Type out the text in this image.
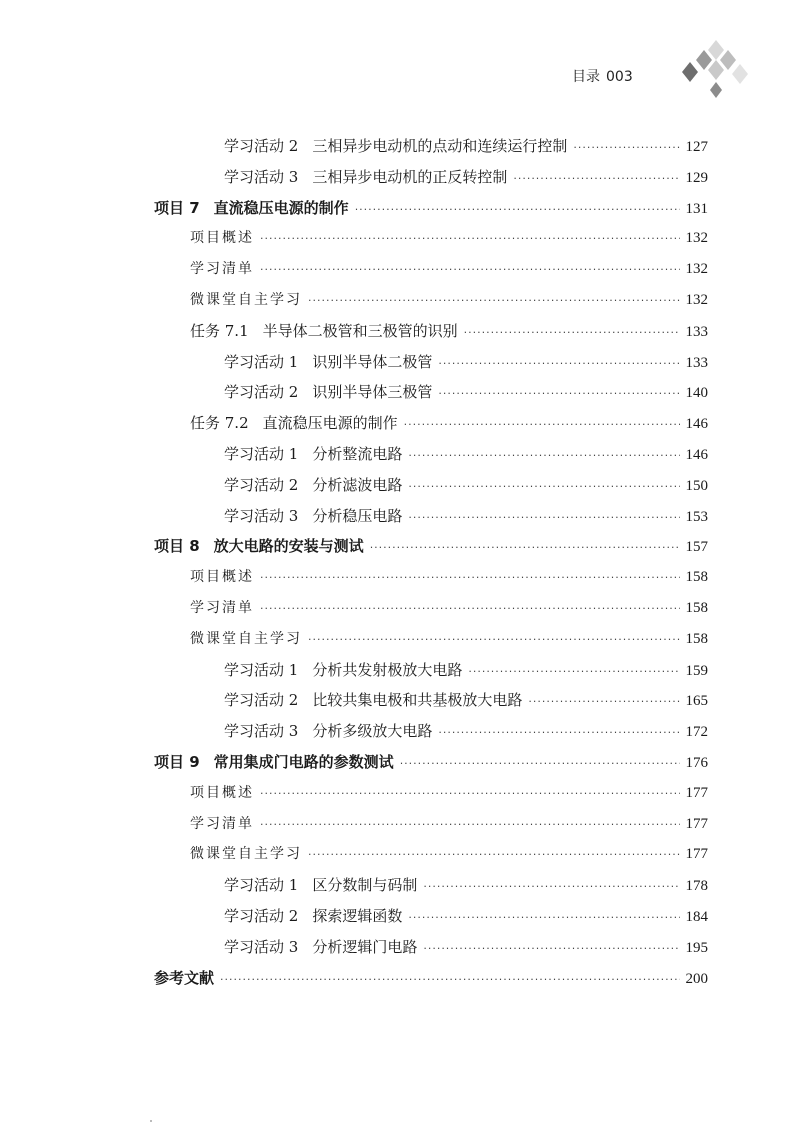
目录 003
学习活动 2 三相异步电动机的点动和连续运行控制 ·····	127
学习活动 3 三相异步电动机的正反转控制 ·····	129
项目 7 直流稳压电源的制作 ·····	131
项目概述 ·····	132
学习清单 ·····	132
微课堂自主学习 ·····	132
任务 7.1 半导体二极管和三极管的识别 ·····	133
学习活动 1 识别半导体二极管 ·····	133
学习活动 2 识别半导体三极管 ·····	140
任务 7.2 直流稳压电源的制作 ·····	146
学习活动 1 分析整流电路 ·····	146
学习活动 2 分析滤波电路 ·····	150
学习活动 3 分析稳压电路 ·····	153
项目 8 放大电路的安装与测试 ·····	157
项目概述 ·····	158
学习清单 ·····	158
微课堂自主学习 ·····	158
学习活动 1 分析共发射极放大电路 ·····	159
学习活动 2 比较共集电极和共基极放大电路 ·····	165
学习活动 3 分析多级放大电路 ·····	172
项目 9 常用集成门电路的参数测试 ·····	176
项目概述 ·····	177
学习清单 ·····	177
微课堂自主学习 ·····	177
学习活动 1 区分数制与码制 ·····	178
学习活动 2 探索逻辑函数 ·····	184
学习活动 3 分析逻辑门电路 ·····	195
参考文献 ·····	200
